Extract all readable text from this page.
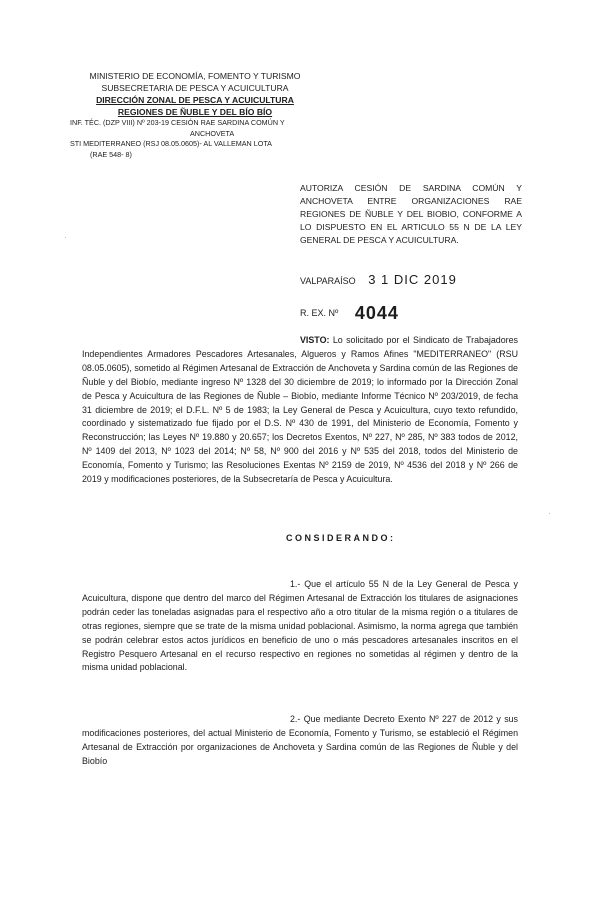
MINISTERIO DE ECONOMÍA, FOMENTO Y TURISMO
SUBSECRETARIA DE PESCA Y ACUICULTURA
DIRECCIÓN ZONAL DE PESCA Y ACUICULTURA
REGIONES DE ÑUBLE Y DEL BÍO BÍO
INF. TÉC. (DZP VIII) Nº 203-19 CESIÓN RAE SARDINA COMÚN Y
ANCHOVETA
STI MEDITERRANEO (RSJ 08.05.0605)- AL VALLEMAN LOTA
(RAE 548- 8)
AUTORIZA CESIÓN DE SARDINA COMÚN Y ANCHOVETA ENTRE ORGANIZACIONES RAE REGIONES DE ÑUBLE Y DEL BIOBIO, CONFORME A LO DISPUESTO EN EL ARTICULO 55 N DE LA LEY GENERAL DE PESCA Y ACUICULTURA.
VALPARAÍSO 3 1 DIC 2019
R. EX. Nº 4044
VISTO: Lo solicitado por el Sindicato de Trabajadores Independientes Armadores Pescadores Artesanales, Algueros y Ramos Afines "MEDITERRANEO" (RSU 08.05.0605), sometido al Régimen Artesanal de Extracción de Anchoveta y Sardina común de las Regiones de Ñuble y del Biobío, mediante ingreso Nº 1328 del 30 diciembre de 2019; lo informado por la Dirección Zonal de Pesca y Acuicultura de las Regiones de Ñuble – Biobío, mediante Informe Técnico Nº 203/2019, de fecha 31 diciembre de 2019; el D.F.L. Nº 5 de 1983; la Ley General de Pesca y Acuicultura, cuyo texto refundido, coordinado y sistematizado fue fijado por el D.S. Nº 430 de 1991, del Ministerio de Economía, Fomento y Reconstrucción; las Leyes Nº 19.880 y 20.657; los Decretos Exentos, Nº 227, Nº 285, Nº 383 todos de 2012, Nº 1409 del 2013, Nº 1023 del 2014; Nº 58, Nº 900 del 2016 y Nº 535 del 2018, todos del Ministerio de Economía, Fomento y Turismo; las Resoluciones Exentas Nº 2159 de 2019, Nº 4536 del 2018 y Nº 266 de 2019 y modificaciones posteriores, de la Subsecretaría de Pesca y Acuicultura.
CONSIDERANDO:
1.- Que el artículo 55 N de la Ley General de Pesca y Acuicultura, dispone que dentro del marco del Régimen Artesanal de Extracción los titulares de asignaciones podrán ceder las toneladas asignadas para el respectivo año a otro titular de la misma región o a titulares de otras regiones, siempre que se trate de la misma unidad poblacional. Asimismo, la norma agrega que también se podrán celebrar estos actos jurídicos en beneficio de uno o más pescadores artesanales inscritos en el Registro Pesquero Artesanal en el recurso respectivo en regiones no sometidas al régimen y dentro de la misma unidad poblacional.
2.- Que mediante Decreto Exento Nº 227 de 2012 y sus modificaciones posteriores, del actual Ministerio de Economía, Fomento y Turismo, se estableció el Régimen Artesanal de Extracción por organizaciones de Anchoveta y Sardina común de las Regiones de Ñuble y del Biobío
·
·
